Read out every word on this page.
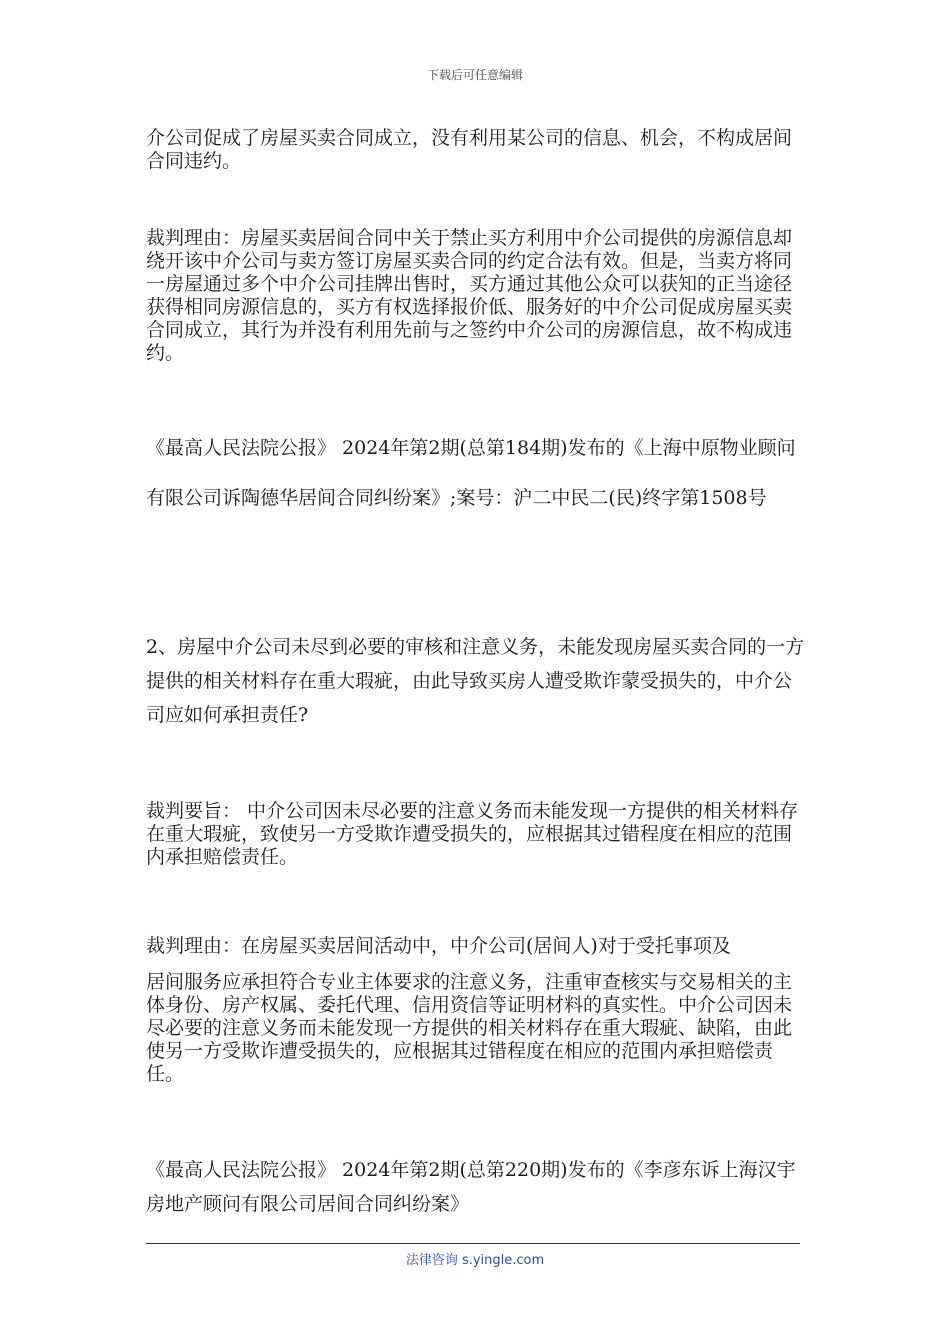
下载后可任意编辑

介公司促成了房屋买卖合同成立，没有利用某公司的信息、机会，不构成居间合同违约。

裁判理由：房屋买卖居间合同中关于禁止买方利用中介公司提供的房源信息却绕开该中介公司与卖方签订房屋买卖合同的约定合法有效。但是，当卖方将同一房屋通过多个中介公司挂牌出售时，买方通过其他公众可以获知的正当途径获得相同房源信息的，买方有权选择报价低、服务好的中介公司促成房屋买卖合同成立，其行为并没有利用先前与之签约中介公司的房源信息，故不构成违约。

《最高人民法院公报》 2024年第2期(总第184期)发布的《上海中原物业顾问有限公司诉陶德华居间合同纠纷案》;案号：沪二中民二(民)终字第1508号

2、房屋中介公司未尽到必要的审核和注意义务，未能发现房屋买卖合同的一方提供的相关材料存在重大瑕疵，由此导致买房人遭受欺诈蒙受损失的，中介公司应如何承担责任?

裁判要旨： 中介公司因未尽必要的注意义务而未能发现一方提供的相关材料存在重大瑕疵，致使另一方受欺诈遭受损失的，应根据其过错程度在相应的范围内承担赔偿责任。

裁判理由：在房屋买卖居间活动中，中介公司(居间人)对于受托事项及

居间服务应承担符合专业主体要求的注意义务，注重审查核实与交易相关的主体身份、房产权属、委托代理、信用资信等证明材料的真实性。中介公司因未尽必要的注意义务而未能发现一方提供的相关材料存在重大瑕疵、缺陷，由此使另一方受欺诈遭受损失的，应根据其过错程度在相应的范围内承担赔偿责任。

《最高人民法院公报》 2024年第2期(总第220期)发布的《李彦东诉上海汉宇房地产顾问有限公司居间合同纠纷案》

法律咨询 s.yingle.com
